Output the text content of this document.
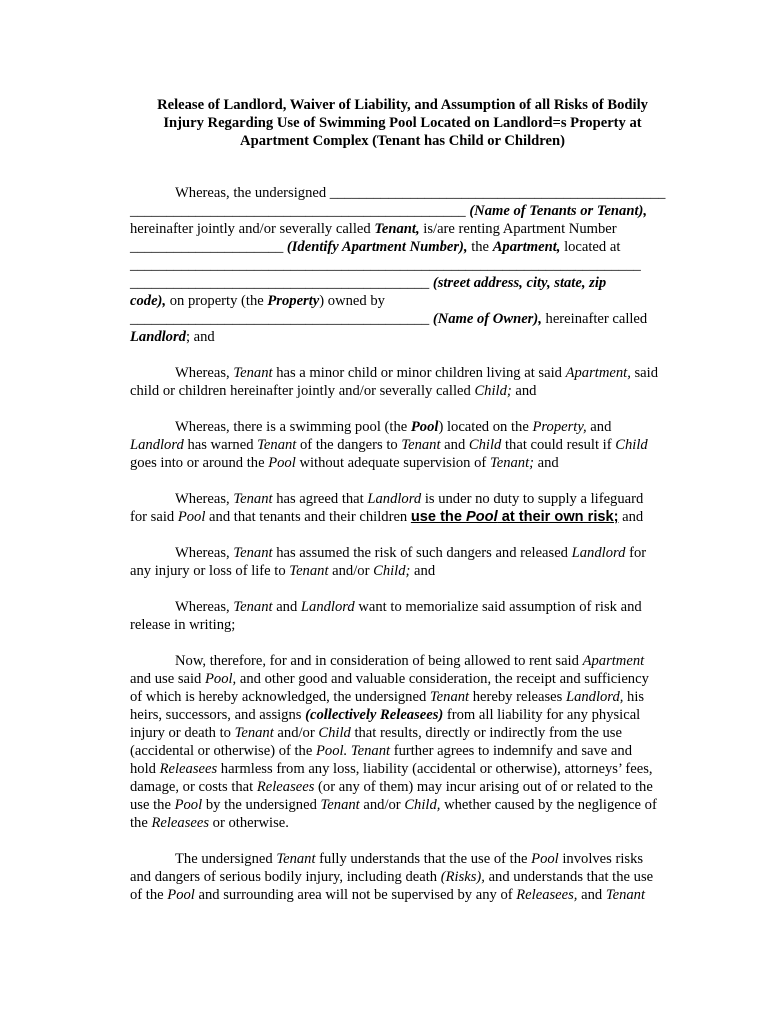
Release of Landlord, Waiver of Liability, and Assumption of all Risks of Bodily
Injury Regarding Use of Swimming Pool Located on Landlord=s Property at
Apartment Complex (Tenant has Child or Children)
Whereas, the undersigned ______________________________________________
______________________________________________ (Name of Tenants or Tenant),
hereinafter jointly and/or severally called Tenant, is/are renting Apartment Number
_____________________ (Identify Apartment Number), the Apartment, located at
______________________________________________________________________
_________________________________________ (street address, city, state, zip
code), on property (the Property) owned by
_________________________________________ (Name of Owner), hereinafter called
Landlord; and
Whereas, Tenant has a minor child or minor children living at said Apartment, said
child or children hereinafter jointly and/or severally called Child; and
Whereas, there is a swimming pool (the Pool) located on the Property, and
Landlord has warned Tenant of the dangers to Tenant and Child that could result if Child
goes into or around the Pool without adequate supervision of Tenant; and
Whereas, Tenant has agreed that Landlord is under no duty to supply a lifeguard
for said Pool and that tenants and their children use the Pool at their own risk; and
Whereas, Tenant has assumed the risk of such dangers and released Landlord for
any injury or loss of life to Tenant and/or Child; and
Whereas, Tenant and Landlord want to memorialize said assumption of risk and
release in writing;
Now, therefore, for and in consideration of being allowed to rent said Apartment
and use said Pool, and other good and valuable consideration, the receipt and sufficiency
of which is hereby acknowledged, the undersigned Tenant hereby releases Landlord, his
heirs, successors, and assigns (collectively Releasees) from all liability for any physical
injury or death to Tenant and/or Child that results, directly or indirectly from the use
(accidental or otherwise) of the Pool. Tenant further agrees to indemnify and save and
hold Releasees harmless from any loss, liability (accidental or otherwise), attorneys’ fees,
damage, or costs that Releasees (or any of them) may incur arising out of or related to the
use the Pool by the undersigned Tenant and/or Child, whether caused by the negligence of
the Releasees or otherwise.
The undersigned Tenant fully understands that the use of the Pool involves risks
and dangers of serious bodily injury, including death (Risks), and understands that the use
of the Pool and surrounding area will not be supervised by any of Releasees, and Tenant
